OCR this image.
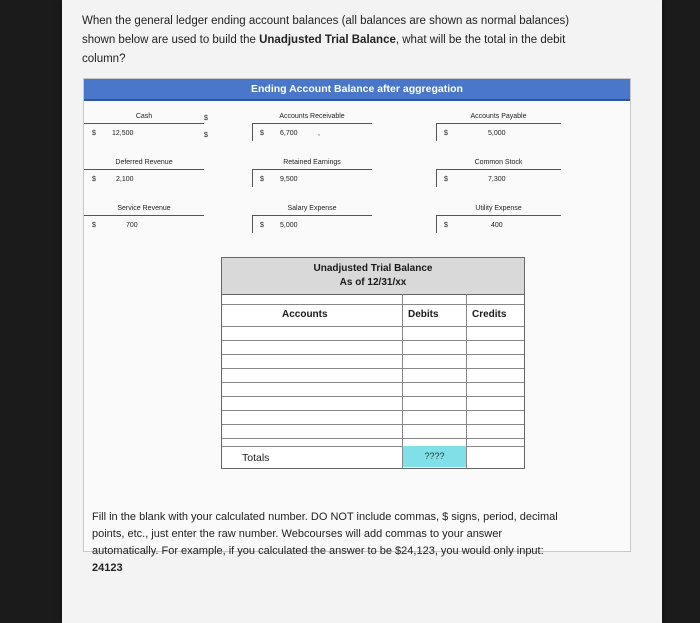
When the general ledger ending account balances (all balances are shown as normal balances)
shown below are used to build the Unadjusted Trial Balance, what will be the total in the debit
column?
Ending Account Balance after aggregation
Cash
$ 12,500
$
$
Accounts Receivable
$ 6,700	,
Accounts Payable
$	5,000
Deferred Revenue
$	2,100
Retained Earnings
$ 9,500
Common Stock
$	7,300
Service Revenue
$	700
Salary Expense
$ 5,000
Utility Expense
$	400
Unadjusted Trial Balance
As of 12/31/xx
Accounts	Debits	Credits
Totals	????
Fill in the blank with your calculated number. DO NOT include commas, $ signs, period, decimal
points, etc., just enter the raw number. Webcourses will add commas to your answer
automatically. For example, if you calculated the answer to be $24,123, you would only input:
24123
